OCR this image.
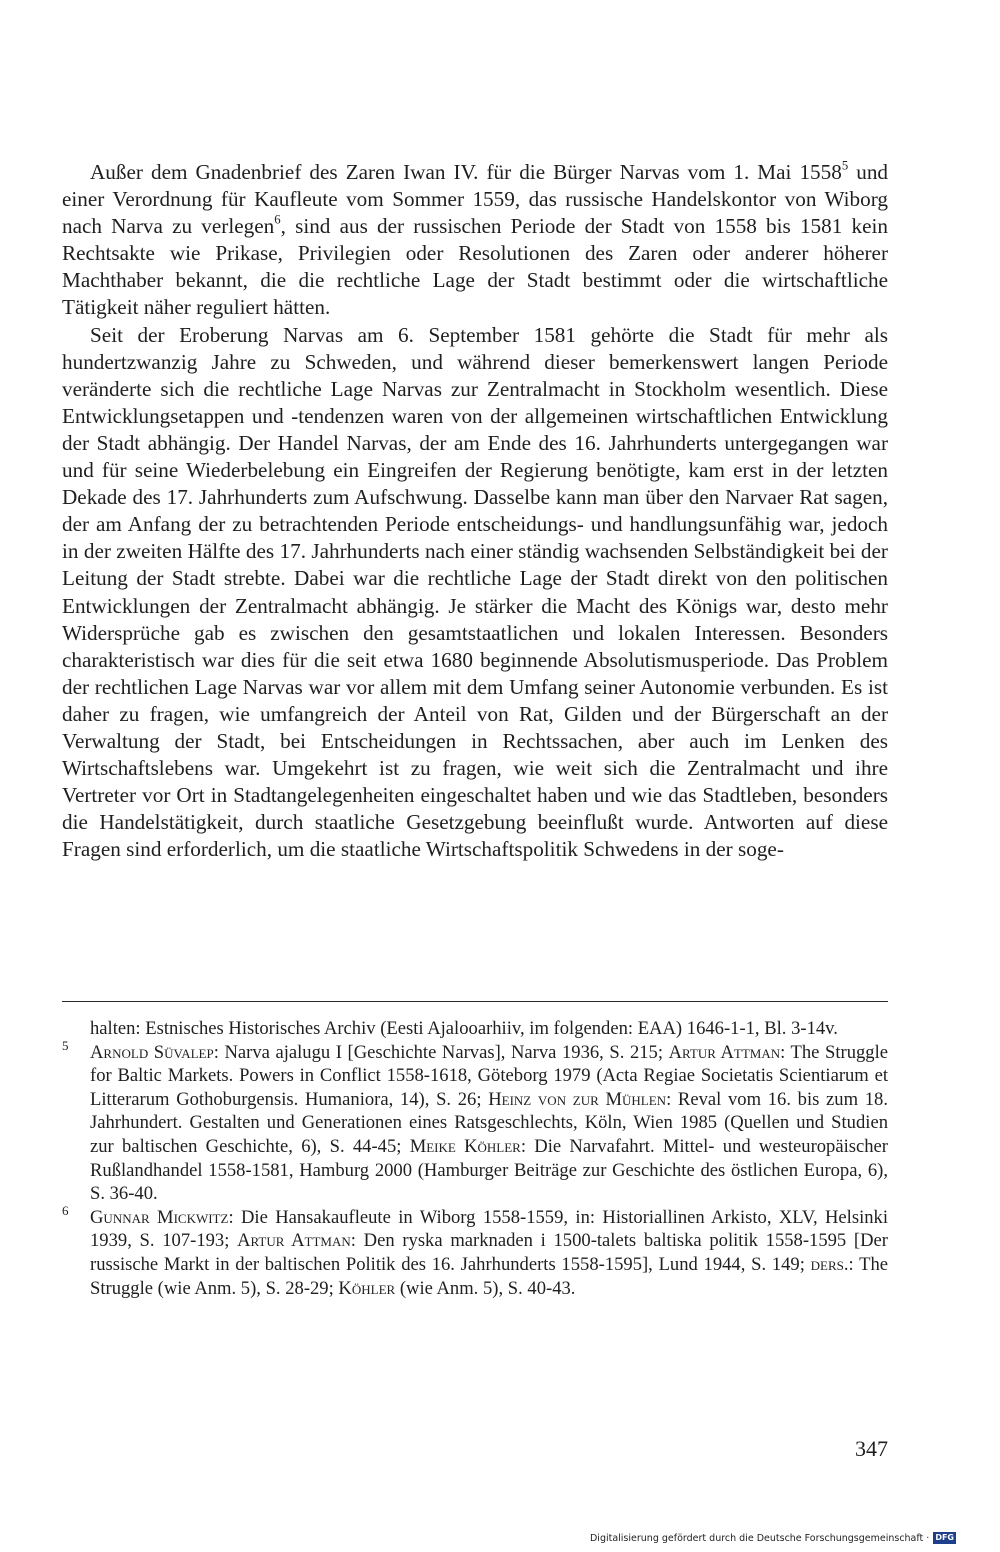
Außer dem Gnadenbrief des Zaren Iwan IV. für die Bürger Narvas vom 1. Mai 1558$^5$ und einer Verordnung für Kaufleute vom Sommer 1559, das russische Handelskontor von Wiborg nach Narva zu verlegen$^6$, sind aus der russischen Periode der Stadt von 1558 bis 1581 kein Rechtsakte wie Prikase, Privilegien oder Resolutionen des Zaren oder anderer höherer Machthaber bekannt, die die rechtliche Lage der Stadt bestimmt oder die wirtschaftliche Tätigkeit näher reguliert hätten.

Seit der Eroberung Narvas am 6. September 1581 gehörte die Stadt für mehr als hundertzwanzig Jahre zu Schweden, und während dieser bemerkenswert langen Periode veränderte sich die rechtliche Lage Narvas zur Zentralmacht in Stockholm wesentlich. Diese Entwicklungsetappen und -tendenzen waren von der allgemeinen wirtschaftlichen Entwicklung der Stadt abhängig. Der Handel Narvas, der am Ende des 16. Jahrhunderts untergegangen war und für seine Wiederbelebung ein Eingreifen der Regierung benötigte, kam erst in der letzten Dekade des 17. Jahrhunderts zum Aufschwung. Dasselbe kann man über den Narvaer Rat sagen, der am Anfang der zu betrachtenden Periode entscheidungs- und handlungsunfähig war, jedoch in der zweiten Hälfte des 17. Jahrhunderts nach einer ständig wachsenden Selbständigkeit bei der Leitung der Stadt strebte. Dabei war die rechtliche Lage der Stadt direkt von den politischen Entwicklungen der Zentralmacht abhängig. Je stärker die Macht des Königs war, desto mehr Widersprüche gab es zwischen den gesamtstaatlichen und lokalen Interessen. Besonders charakteristisch war dies für die seit etwa 1680 beginnende Absolutismusperiode. Das Problem der rechtlichen Lage Narvas war vor allem mit dem Umfang seiner Autonomie verbunden. Es ist daher zu fragen, wie umfangreich der Anteil von Rat, Gilden und der Bürgerschaft an der Verwaltung der Stadt, bei Entscheidungen in Rechtssachen, aber auch im Lenken des Wirtschaftslebens war. Umgekehrt ist zu fragen, wie weit sich die Zentralmacht und ihre Vertreter vor Ort in Stadtangelegenheiten eingeschaltet haben und wie das Stadtleben, besonders die Handelstätigkeit, durch staatliche Gesetzgebung beeinflußt wurde. Antworten auf diese Fragen sind erforderlich, um die staatliche Wirtschaftspolitik Schwedens in der soge-

halten: Estnisches Historisches Archiv (Eesti Ajalooarhiiv, im folgenden: EAA) 1646-1-1, Bl. 3-14v.
5 Arnold Süvalep: Narva ajalugu I [Geschichte Narvas], Narva 1936, S. 215; Artur Attman: The Struggle for Baltic Markets. Powers in Conflict 1558-1618, Göteborg 1979 (Acta Regiae Societatis Scientiarum et Litterarum Gothoburgensis. Humaniora, 14), S. 26; Heinz von zur Mühlen: Reval vom 16. bis zum 18. Jahrhundert. Gestalten und Generationen eines Ratsgeschlechts, Köln, Wien 1985 (Quellen und Studien zur baltischen Geschichte, 6), S. 44-45; Meike Köhler: Die Narvafahrt. Mittel- und westeuropäischer Rußlandhandel 1558-1581, Hamburg 2000 (Hamburger Beiträge zur Geschichte des östlichen Europa, 6), S. 36-40.
6 Gunnar Mickwitz: Die Hansakaufleute in Wiborg 1558-1559, in: Historiallinen Arkisto, XLV, Helsinki 1939, S. 107-193; Artur Attman: Den ryska marknaden i 1500-talets baltiska politik 1558-1595 [Der russische Markt in der baltischen Politik des 16. Jahrhunderts 1558-1595], Lund 1944, S. 149; ders.: The Struggle (wie Anm. 5), S. 28-29; Köhler (wie Anm. 5), S. 40-43.
347
Digitalisierung gefördert durch die Deutsche Forschungsgemeinschaft · DFG
